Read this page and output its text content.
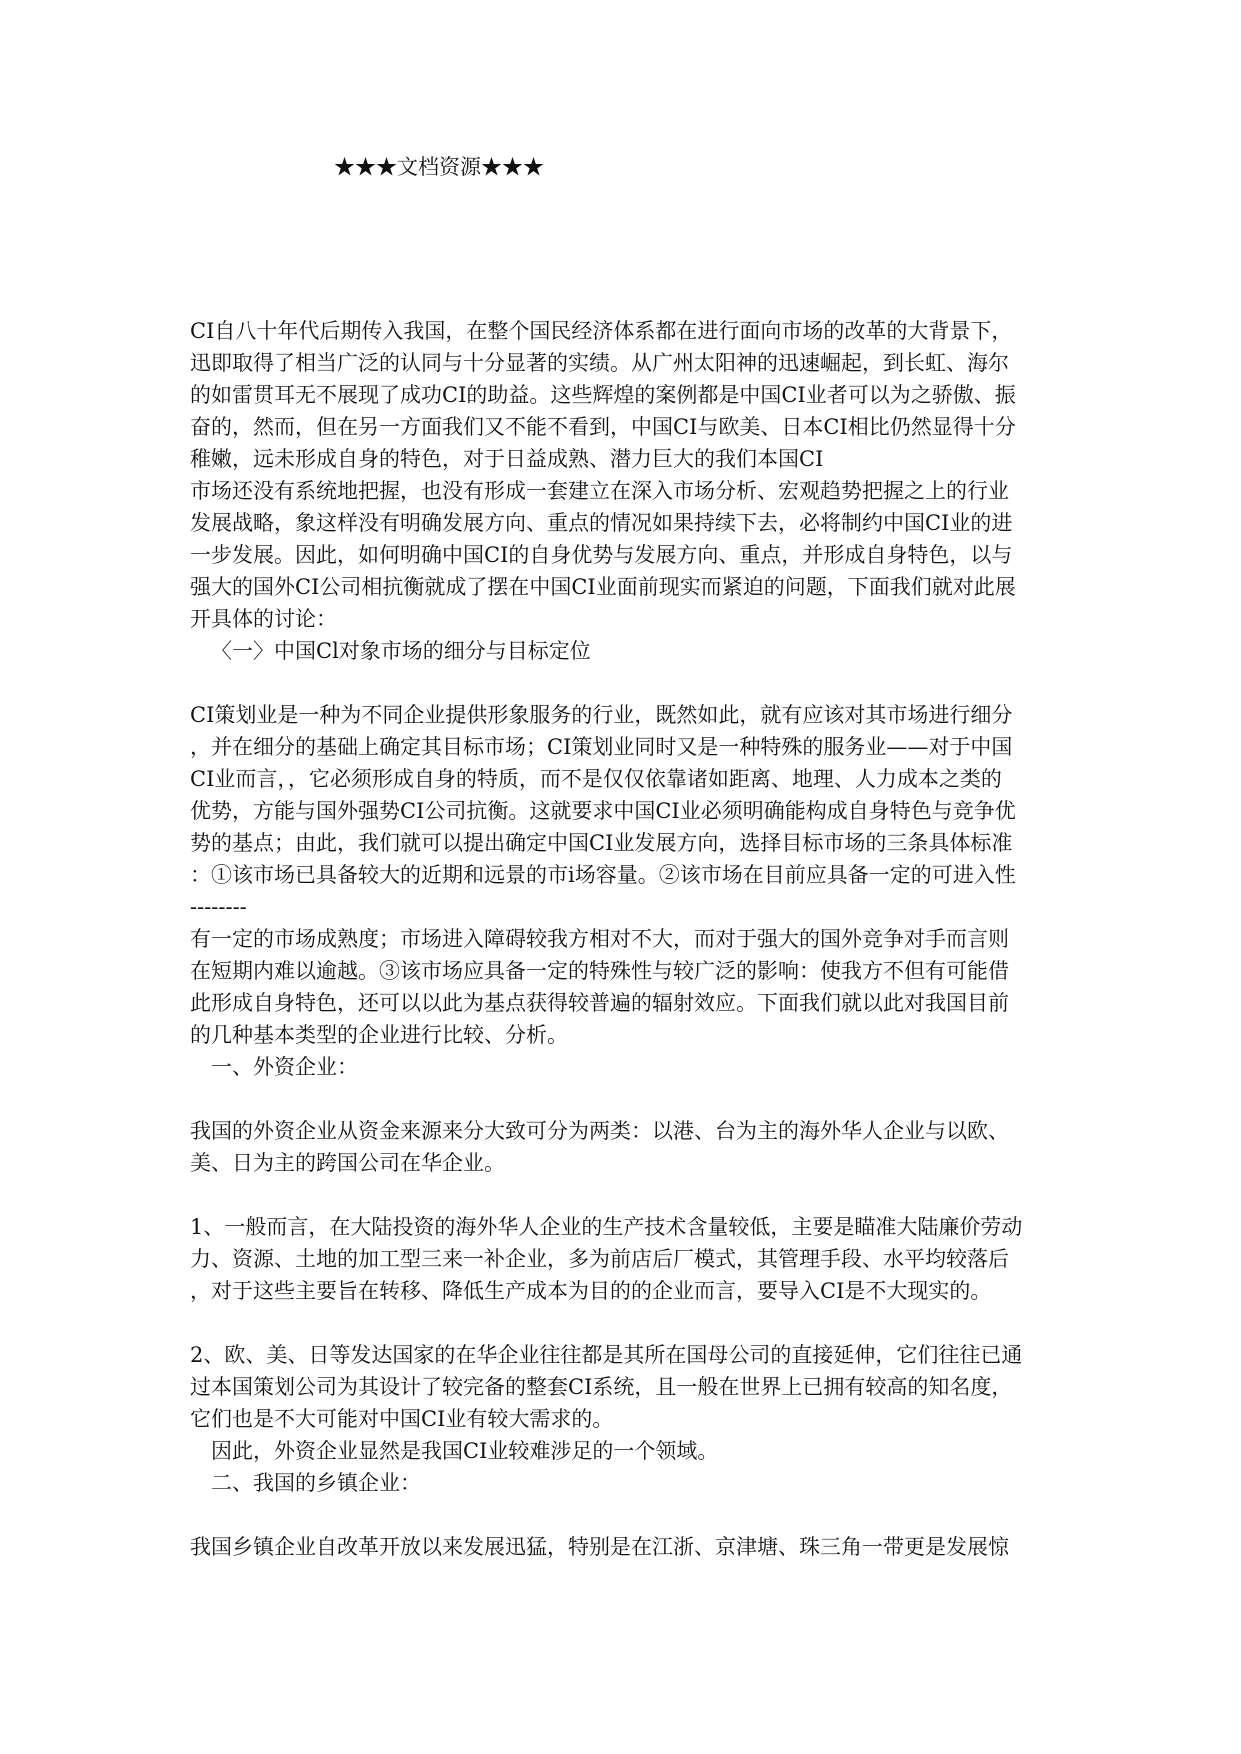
★★★文档资源★★★
CI自八十年代后期传入我国，在整个国民经济体系都在进行面向市场的改革的大背景下，
迅即取得了相当广泛的认同与十分显著的实绩。从广州太阳神的迅速崛起，到长虹、海尔
的如雷贯耳无不展现了成功CI的助益。这些辉煌的案例都是中国CI业者可以为之骄傲、振
奋的，然而，但在另一方面我们又不能不看到，中国CI与欧美、日本CI相比仍然显得十分
稚嫩，远未形成自身的特色，对于日益成熟、潜力巨大的我们本国CI
市场还没有系统地把握，也没有形成一套建立在深入市场分析、宏观趋势把握之上的行业
发展战略，象这样没有明确发展方向、重点的情况如果持续下去，必将制约中国CI业的进
一步发展。因此，如何明确中国CI的自身优势与发展方向、重点，并形成自身特色，以与
强大的国外CI公司相抗衡就成了摆在中国CI业面前现实而紧迫的问题，下面我们就对此展
开具体的讨论：
〈一〉中国Cl对象市场的细分与目标定位
CI策划业是一种为不同企业提供形象服务的行业，既然如此，就有应该对其市场进行细分
，并在细分的基础上确定其目标市场；CI策划业同时又是一种特殊的服务业——对于中国
CI业而言，，它必须形成自身的特质，而不是仅仅依靠诸如距离、地理、人力成本之类的
优势，方能与国外强势CI公司抗衡。这就要求中国CI业必须明确能构成自身特色与竞争优
势的基点；由此，我们就可以提出确定中国CI业发展方向，选择目标市场的三条具体标准
：①该市场已具备较大的近期和远景的市i场容量。②该市场在目前应具备一定的可进入性
--------
有一定的市场成熟度；市场进入障碍较我方相对不大，而对于强大的国外竞争对手而言则
在短期内难以逾越。③该市场应具备一定的特殊性与较广泛的影响：使我方不但有可能借
此形成自身特色，还可以以此为基点获得较普遍的辐射效应。下面我们就以此对我国目前
的几种基本类型的企业进行比较、分析。
一、外资企业：
我国的外资企业从资金来源来分大致可分为两类：以港、台为主的海外华人企业与以欧、
美、日为主的跨国公司在华企业。
1、一般而言，在大陆投资的海外华人企业的生产技术含量较低，主要是瞄准大陆廉价劳动
力、资源、土地的加工型三来一补企业，多为前店后厂模式，其管理手段、水平均较落后
，对于这些主要旨在转移、降低生产成本为目的的企业而言，要导入CI是不大现实的。
2、欧、美、日等发达国家的在华企业往往都是其所在国母公司的直接延伸，它们往往已通
过本国策划公司为其设计了较完备的整套CI系统，且一般在世界上已拥有较高的知名度，
它们也是不大可能对中国CI业有较大需求的。
因此，外资企业显然是我国CI业较难涉足的一个领域。
二、我国的乡镇企业：
我国乡镇企业自改革开放以来发展迅猛，特别是在江浙、京津塘、珠三角一带更是发展惊
